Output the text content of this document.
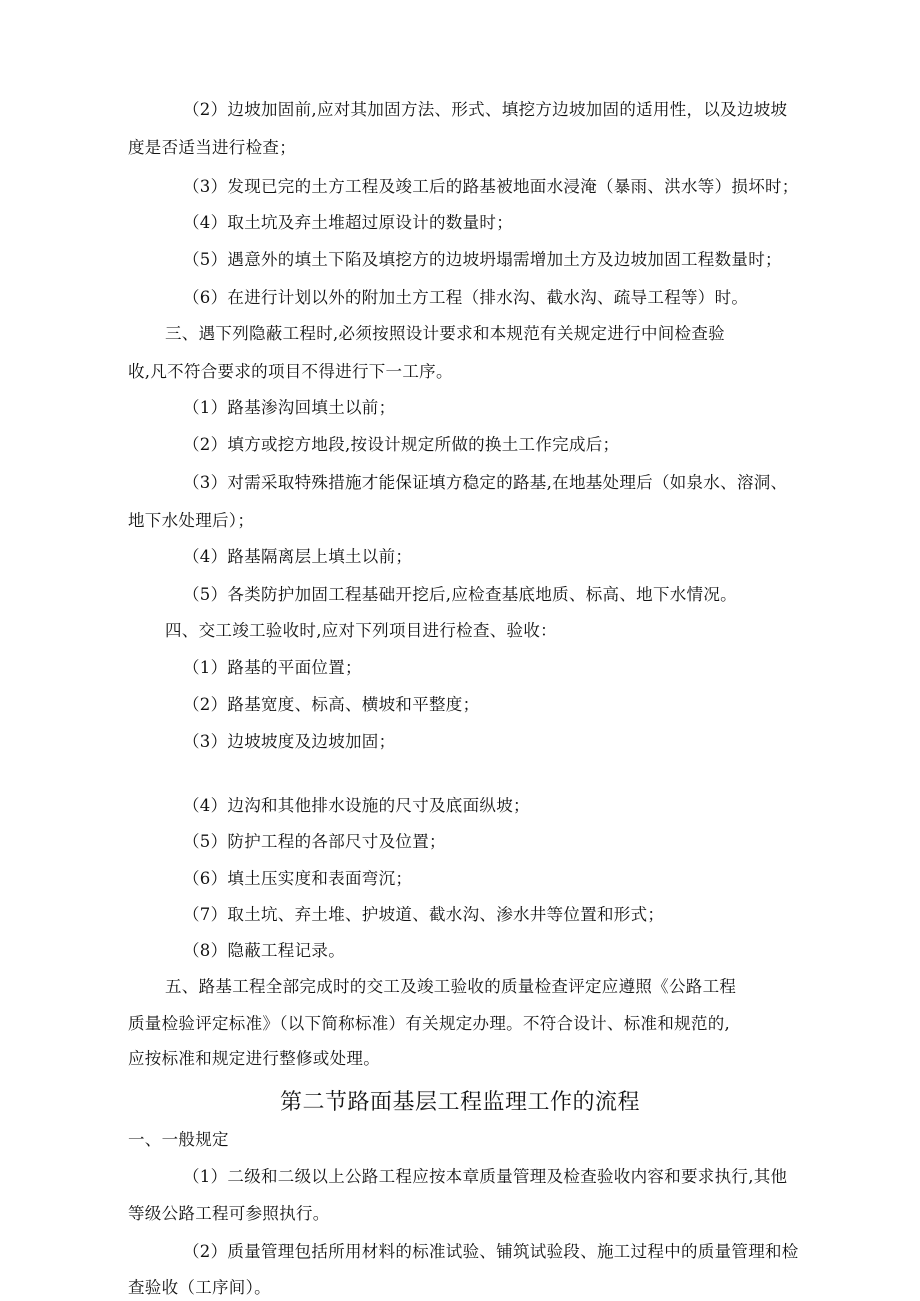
（2）边坡加固前,应对其加固方法、形式、填挖方边坡加固的适用性，以及边坡坡
度是否适当进行检查；
（3）发现已完的土方工程及竣工后的路基被地面水浸淹（暴雨、洪水等）损坏时；
（4）取土坑及弃土堆超过原设计的数量时；
（5）遇意外的填土下陷及填挖方的边坡坍塌需增加土方及边坡加固工程数量时；
（6）在进行计划以外的附加土方工程（排水沟、截水沟、疏导工程等）时。
三、遇下列隐蔽工程时,必须按照设计要求和本规范有关规定进行中间检查验
收,凡不符合要求的项目不得进行下一工序。
（1）路基渗沟回填土以前；
（2）填方或挖方地段,按设计规定所做的换土工作完成后；
（3）对需采取特殊措施才能保证填方稳定的路基,在地基处理后（如泉水、溶洞、
地下水处理后）；
（4）路基隔离层上填土以前；
（5）各类防护加固工程基础开挖后,应检查基底地质、标高、地下水情况。
四、交工竣工验收时,应对下列项目进行检查、验收：
（1）路基的平面位置；
（2）路基宽度、标高、横坡和平整度；
（3）边坡坡度及边坡加固；
（4）边沟和其他排水设施的尺寸及底面纵坡；
（5）防护工程的各部尺寸及位置；
（6）填土压实度和表面弯沉；
（7）取土坑、弃土堆、护坡道、截水沟、渗水井等位置和形式；
（8）隐蔽工程记录。
五、路基工程全部完成时的交工及竣工验收的质量检查评定应遵照《公路工程
质量检验评定标准》（以下简称标准）有关规定办理。不符合设计、标准和规范的,
应按标准和规定进行整修或处理。
第二节路面基层工程监理工作的流程
一、一般规定
（1）二级和二级以上公路工程应按本章质量管理及检查验收内容和要求执行,其他
等级公路工程可参照执行。
（2）质量管理包括所用材料的标准试验、铺筑试验段、施工过程中的质量管理和检
查验收（工序间）。
